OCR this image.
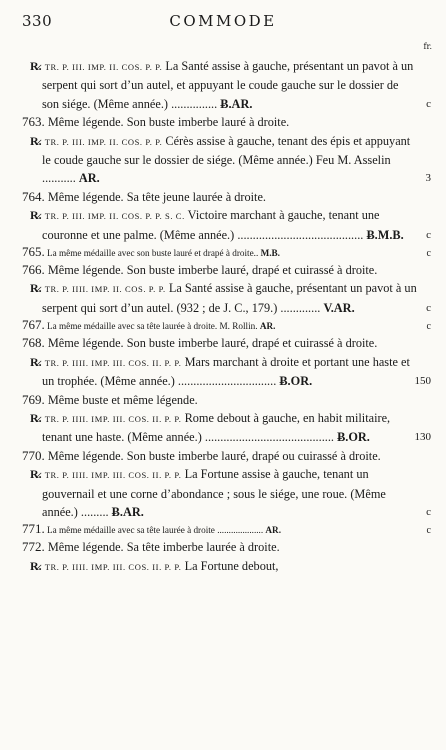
330	COMMODE
fr.
R̷. TR. P. III. IMP. II. COS. P. P. La Santé assise à gauche, présentant un pavot à un serpent qui sort d’un autel, et appuyant le coude gauche sur le dossier de son siége. (Même année.) ............... Ƀ.AR.	c
763. Même légende. Son buste imberbe lauré à droite.
R̷. TR. P. III. IMP. II. COS. P. P. Cérès assise à gauche, tenant des épis et appuyant le coude gauche sur le dossier de siége. (Même année.) Feu M. Asselin ........... AR.	3
764. Même légende. Sa tête jeune laurée à droite.
R̷. TR. P. III. IMP. II. COS. P. P. S. C. Victoire marchant à gauche, tenant une couronne et une palme. (Même année.) ......................................... Ƀ.M.B.	c
765. La même médaille avec son buste lauré et drapé à droite.. M.B.	c
766. Même légende. Son buste imberbe lauré, drapé et cuirassé à droite.
R̷. TR. P. IIII. IMP. II. COS. P. P. La Santé assise à gauche, présentant un pavot à un serpent qui sort d’un autel. (932 ; de J. C., 179.) ............. V.AR.	c
767. La même médaille avec sa tête laurée à droite. M. Rollin. AR.	c
768. Même légende. Son buste imberbe lauré, drapé et cuirassé à droite.
R̷. TR. P. IIII. IMP. III. COS. II. P. P. Mars marchant à droite et portant une haste et un trophée. (Même année.) ................................ Ƀ.OR.	150
769. Même buste et même légende.
R̷. TR. P. IIII. IMP. III. COS. II. P. P. Rome debout à gauche, en habit militaire, tenant une haste. (Même année.) .......................................... Ƀ.OR.	130
770. Même légende. Son buste imberbe lauré, drapé ou cuirassé à droite.
R̷. TR. P. IIII. IMP. III. COS. II. P. P. La Fortune assise à gauche, tenant un gouvernail et une corne d’abondance ; sous le siége, une roue. (Même année.) ......... Ƀ.AR.	c
771. La même médaille avec sa tête laurée à droite .................... AR.	c
772. Même légende. Sa tête imberbe laurée à droite.
R̷. TR. P. IIII. IMP. III. COS. II. P. P. La Fortune debout,
